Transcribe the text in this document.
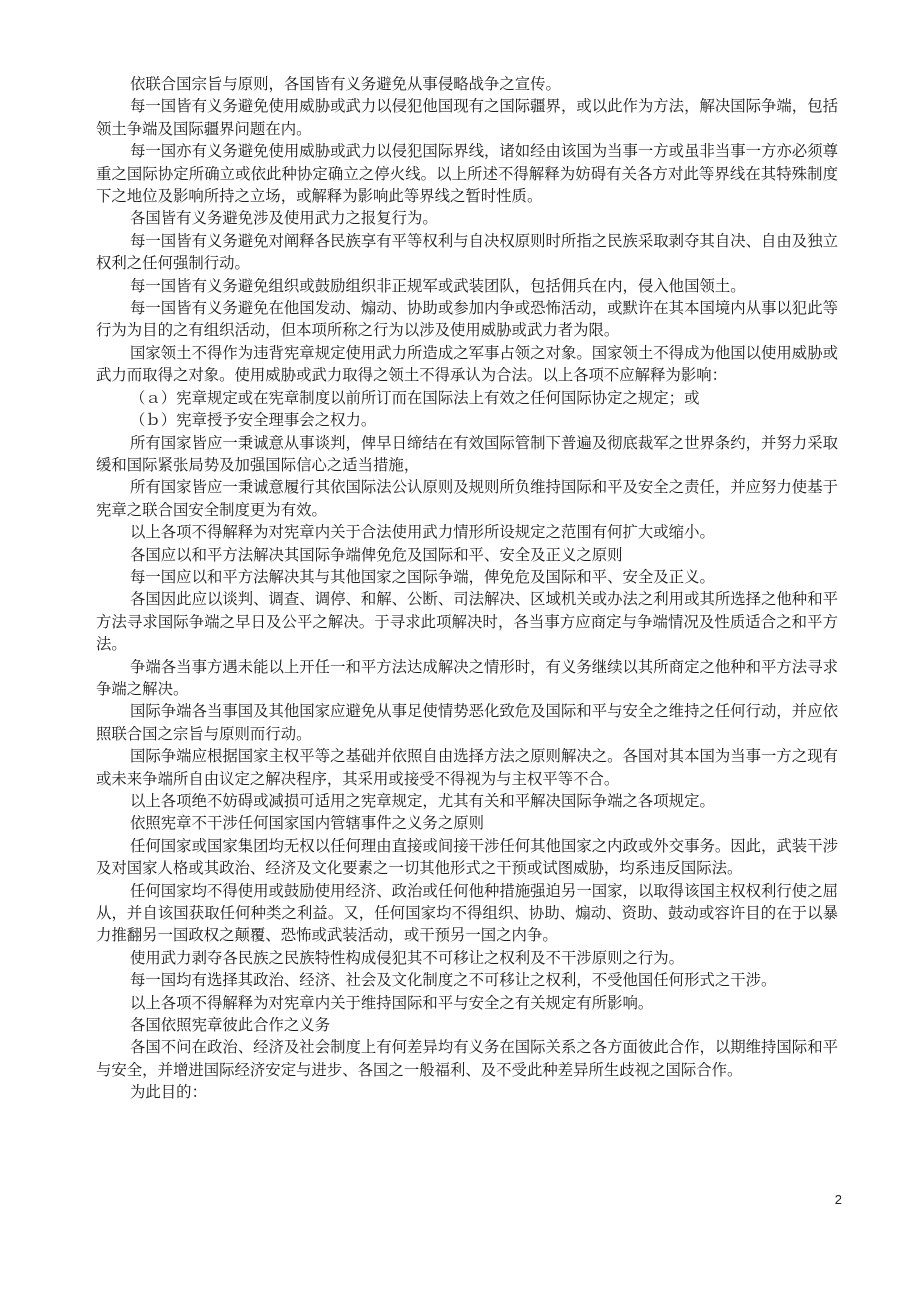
依联合国宗旨与原则，各国皆有义务避免从事侵略战争之宣传。

每一国皆有义务避免使用威胁或武力以侵犯他国现有之国际疆界，或以此作为方法，解决国际争端，包括领土争端及国际疆界问题在内。

每一国亦有义务避免使用威胁或武力以侵犯国际界线，诸如经由该国为当事一方或虽非当事一方亦必须尊重之国际协定所确立或依此种协定确立之停火线。以上所述不得解释为妨碍有关各方对此等界线在其特殊制度下之地位及影响所持之立场，或解释为影响此等界线之暂时性质。

各国皆有义务避免涉及使用武力之报复行为。

每一国皆有义务避免对阐释各民族享有平等权利与自决权原则时所指之民族采取剥夺其自决、自由及独立权利之任何强制行动。

每一国皆有义务避免组织或鼓励组织非正规军或武装团队，包括佣兵在内，侵入他国领土。

每一国皆有义务避免在他国发动、煽动、协助或参加内争或恐怖活动，或默许在其本国境内从事以犯此等行为为目的之有组织活动，但本项所称之行为以涉及使用威胁或武力者为限。

国家领土不得作为违背宪章规定使用武力所造成之军事占领之对象。国家领土不得成为他国以使用威胁或武力而取得之对象。使用威胁或武力取得之领土不得承认为合法。以上各项不应解释为影响：

（ａ）宪章规定或在宪章制度以前所订而在国际法上有效之任何国际协定之规定；或

（ｂ）宪章授予安全理事会之权力。

所有国家皆应一秉诚意从事谈判，俾早日缔结在有效国际管制下普遍及彻底裁军之世界条约，并努力采取缓和国际紧张局势及加强国际信心之适当措施，

所有国家皆应一秉诚意履行其依国际法公认原则及规则所负维持国际和平及安全之责任，并应努力使基于宪章之联合国安全制度更为有效。

以上各项不得解释为对宪章内关于合法使用武力情形所设规定之范围有何扩大或缩小。

各国应以和平方法解决其国际争端俾免危及国际和平、安全及正义之原则

每一国应以和平方法解决其与其他国家之国际争端，俾免危及国际和平、安全及正义。

各国因此应以谈判、调查、调停、和解、公断、司法解决、区域机关或办法之利用或其所选择之他种和平方法寻求国际争端之早日及公平之解决。于寻求此项解决时，各当事方应商定与争端情况及性质适合之和平方法。

争端各当事方遇未能以上开任一和平方法达成解决之情形时，有义务继续以其所商定之他种和平方法寻求争端之解决。

国际争端各当事国及其他国家应避免从事足使情势恶化致危及国际和平与安全之维持之任何行动，并应依照联合国之宗旨与原则而行动。

国际争端应根据国家主权平等之基础并依照自由选择方法之原则解决之。各国对其本国为当事一方之现有或未来争端所自由议定之解决程序，其采用或接受不得视为与主权平等不合。

以上各项绝不妨碍或减损可适用之宪章规定，尤其有关和平解决国际争端之各项规定。

依照宪章不干涉任何国家国内管辖事件之义务之原则

任何国家或国家集团均无权以任何理由直接或间接干涉任何其他国家之内政或外交事务。因此，武装干涉及对国家人格或其政治、经济及文化要素之一切其他形式之干预或试图威胁，均系违反国际法。

任何国家均不得使用或鼓励使用经济、政治或任何他种措施强迫另一国家，以取得该国主权权利行使之屈从，并自该国获取任何种类之利益。又，任何国家均不得组织、协助、煽动、资助、鼓动或容许目的在于以暴力推翻另一国政权之颠覆、恐怖或武装活动，或干预另一国之内争。

使用武力剥夺各民族之民族特性构成侵犯其不可移让之权利及不干涉原则之行为。

每一国均有选择其政治、经济、社会及文化制度之不可移让之权利，不受他国任何形式之干涉。

以上各项不得解释为对宪章内关于维持国际和平与安全之有关规定有所影响。

各国依照宪章彼此合作之义务

各国不问在政治、经济及社会制度上有何差异均有义务在国际关系之各方面彼此合作，以期维持国际和平与安全，并增进国际经济安定与进步、各国之一般福利、及不受此种差异所生歧视之国际合作。

为此目的：

2
